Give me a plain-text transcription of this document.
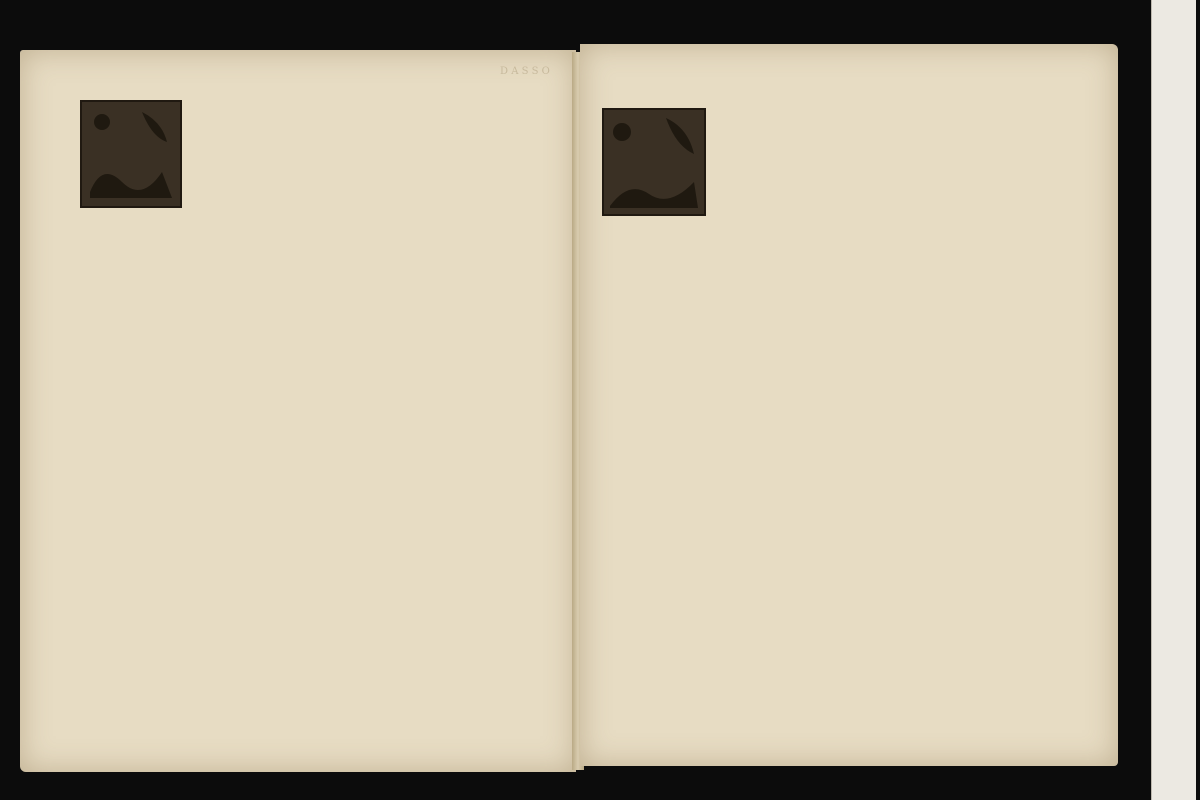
D A S S O
